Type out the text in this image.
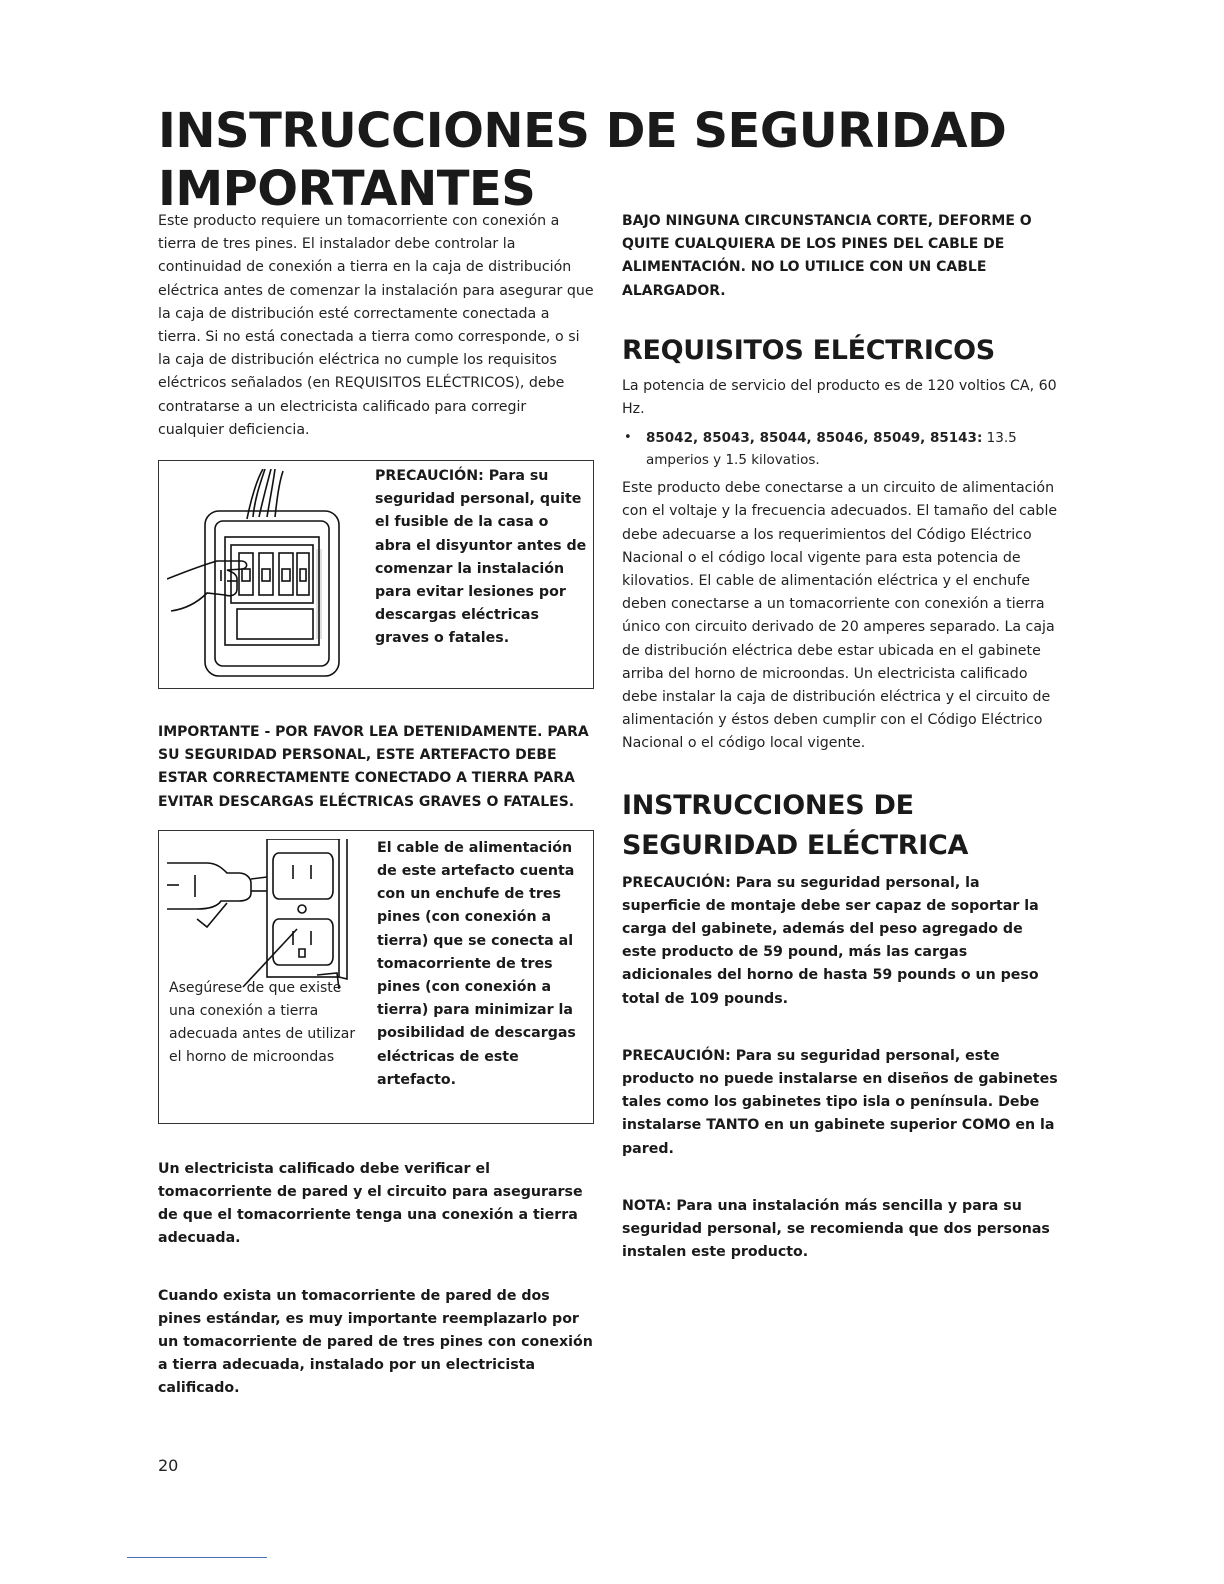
INSTRUCCIONES DE SEGURIDAD IMPORTANTES

Este producto requiere un tomacorriente con conexión a tierra de tres pines. El instalador debe controlar la continuidad de conexión a tierra en la caja de distribución eléctrica antes de comenzar la instalación para asegurar que la caja de distribución esté correctamente conectada a tierra. Si no está conectada a tierra como corresponde, o si la caja de distribución eléctrica no cumple los requisitos eléctricos señalados (en REQUISITOS ELÉCTRICOS), debe contratarse a un electricista calificado para corregir cualquier deficiencia.

PRECAUCIÓN: Para su seguridad personal, quite el fusible de la casa o abra el disyuntor antes de comenzar la instalación para evitar lesiones por descargas eléctricas graves o fatales.

IMPORTANTE - POR FAVOR LEA DETENIDAMENTE. PARA SU SEGURIDAD PERSONAL, ESTE ARTEFACTO DEBE ESTAR CORRECTAMENTE CONECTADO A TIERRA PARA EVITAR DESCARGAS ELÉCTRICAS GRAVES O FATALES.

Asegúrese de que existe una conexión a tierra adecuada antes de utilizar el horno de microondas

El cable de alimentación de este artefacto cuenta con un enchufe de tres pines (con conexión a tierra) que se conecta al tomacorriente de tres pines (con conexión a tierra) para minimizar la posibilidad de descargas eléctricas de este artefacto.

Un electricista calificado debe verificar el tomacorriente de pared y el circuito para asegurarse de que el tomacorriente tenga una conexión a tierra adecuada.

Cuando exista un tomacorriente de pared de dos pines estándar, es muy importante reemplazarlo por un tomacorriente de pared de tres pines con conexión a tierra adecuada, instalado por un electricista calificado.

BAJO NINGUNA CIRCUNSTANCIA CORTE, DEFORME O QUITE CUALQUIERA DE LOS PINES DEL CABLE DE ALIMENTACIÓN. NO LO UTILICE CON UN CABLE ALARGADOR.

REQUISITOS ELÉCTRICOS

La potencia de servicio del producto es de 120 voltios CA, 60 Hz.

• 85042, 85043, 85044, 85046, 85049, 85143: 13.5 amperios y 1.5 kilovatios.

Este producto debe conectarse a un circuito de alimentación con el voltaje y la frecuencia adecuados. El tamaño del cable debe adecuarse a los requerimientos del Código Eléctrico Nacional o el código local vigente para esta potencia de kilovatios. El cable de alimentación eléctrica y el enchufe deben conectarse a un tomacorriente con conexión a tierra único con circuito derivado de 20 amperes separado. La caja de distribución eléctrica debe estar ubicada en el gabinete arriba del horno de microondas. Un electricista calificado debe instalar la caja de distribución eléctrica y el circuito de alimentación y éstos deben cumplir con el Código Eléctrico Nacional o el código local vigente.

INSTRUCCIONES DE SEGURIDAD ELÉCTRICA

PRECAUCIÓN: Para su seguridad personal, la superficie de montaje debe ser capaz de soportar la carga del gabinete, además del peso agregado de este producto de 59 pound, más las cargas adicionales del horno de hasta 59 pounds o un peso total de 109 pounds.

PRECAUCIÓN: Para su seguridad personal, este producto no puede instalarse en diseños de gabinetes tales como los gabinetes tipo isla o península. Debe instalarse TANTO en un gabinete superior COMO en la pared.

NOTA: Para una instalación más sencilla y para su seguridad personal, se recomienda que dos personas instalen este producto.

20
